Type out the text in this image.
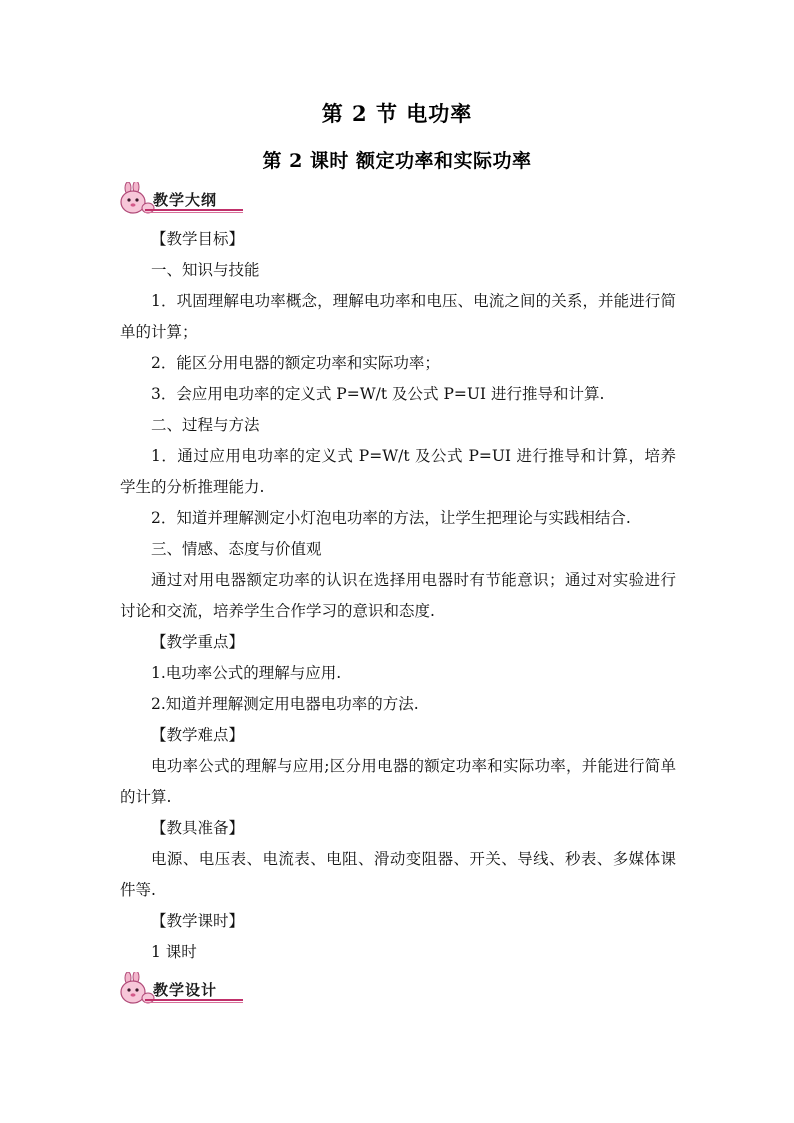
第 2 节 电功率
第 2 课时 额定功率和实际功率
教学大纲

【教学目标】

一、知识与技能

1．巩固理解电功率概念，理解电功率和电压、电流之间的关系，并能进行简单的计算；

2．能区分用电器的额定功率和实际功率；

3．会应用电功率的定义式 P=W/t 及公式 P=UI 进行推导和计算.

二、过程与方法

1．通过应用电功率的定义式 P=W/t 及公式 P=UI 进行推导和计算，培养学生的分析推理能力.

2．知道并理解测定小灯泡电功率的方法，让学生把理论与实践相结合.

三、情感、态度与价值观

通过对用电器额定功率的认识在选择用电器时有节能意识；通过对实验进行讨论和交流，培养学生合作学习的意识和态度.

【教学重点】

1.电功率公式的理解与应用.

2.知道并理解测定用电器电功率的方法.

【教学难点】

电功率公式的理解与应用;区分用电器的额定功率和实际功率，并能进行简单的计算.

【教具准备】

电源、电压表、电流表、电阻、滑动变阻器、开关、导线、秒表、多媒体课件等.

【教学课时】

1 课时

教学设计
